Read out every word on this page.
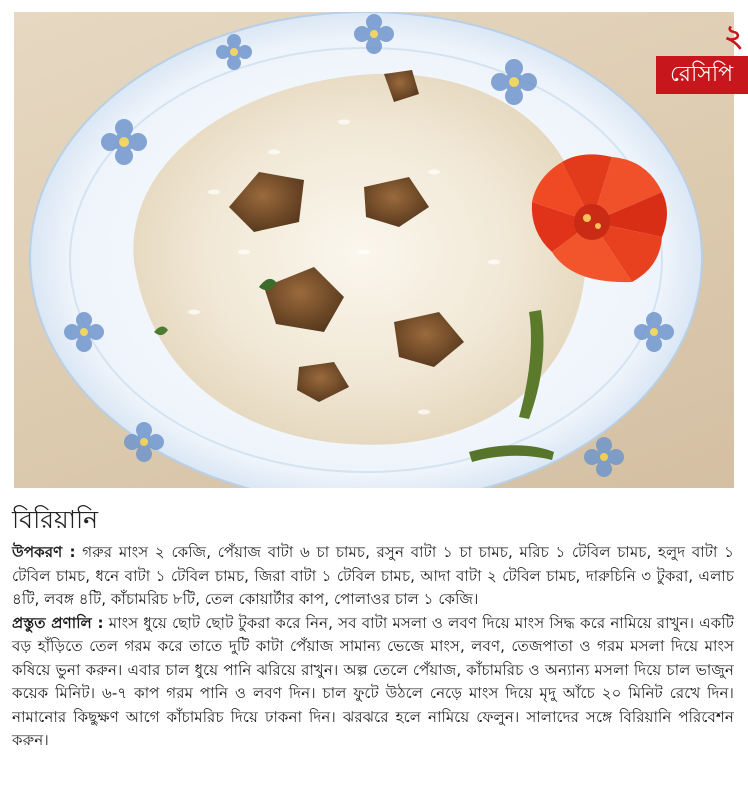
২
রেসিপি
বিরিয়ানি

উপকরণ : গরুর মাংস ২ কেজি, পেঁয়াজ বাটা ৬ চা চামচ, রসুন বাটা ১ চা চামচ, মরিচ ১ টেবিল চামচ, হলুদ বাটা ১ টেবিল চামচ, ধনে বাটা ১ টেবিল চামচ, জিরা বাটা ১ টেবিল চামচ, আদা বাটা ২ টেবিল চামচ, দারুচিনি ৩ টুকরা, এলাচ ৪টি, লবঙ্গ ৪টি, কাঁচামরিচ ৮টি, তেল কোয়ার্টার কাপ, পোলাওর চাল ১ কেজি।

প্রস্তুত প্রণালি : মাংস ধুয়ে ছোট ছোট টুকরা করে নিন, সব বাটা মসলা ও লবণ দিয়ে মাংস সিদ্ধ করে নামিয়ে রাখুন। একটি বড় হাঁড়িতে তেল গরম করে তাতে দুটি কাটা পেঁয়াজ সামান্য ভেজে মাংস, লবণ, তেজপাতা ও গরম মসলা দিয়ে মাংস কষিয়ে ভুনা করুন। এবার চাল ধুয়ে পানি ঝরিয়ে রাখুন। অল্প তেলে পেঁয়াজ, কাঁচামরিচ ও অন্যান্য মসলা দিয়ে চাল ভাজুন কয়েক মিনিট। ৬-৭ কাপ গরম পানি ও লবণ দিন। চাল ফুটে উঠলে নেড়ে মাংস দিয়ে মৃদু আঁচে ২০ মিনিট রেখে দিন। নামানোর কিছুক্ষণ আগে কাঁচামরিচ দিয়ে ঢাকনা দিন। ঝরঝরে হলে নামিয়ে ফেলুন। সালাদের সঙ্গে বিরিয়ানি পরিবেশন করুন।
